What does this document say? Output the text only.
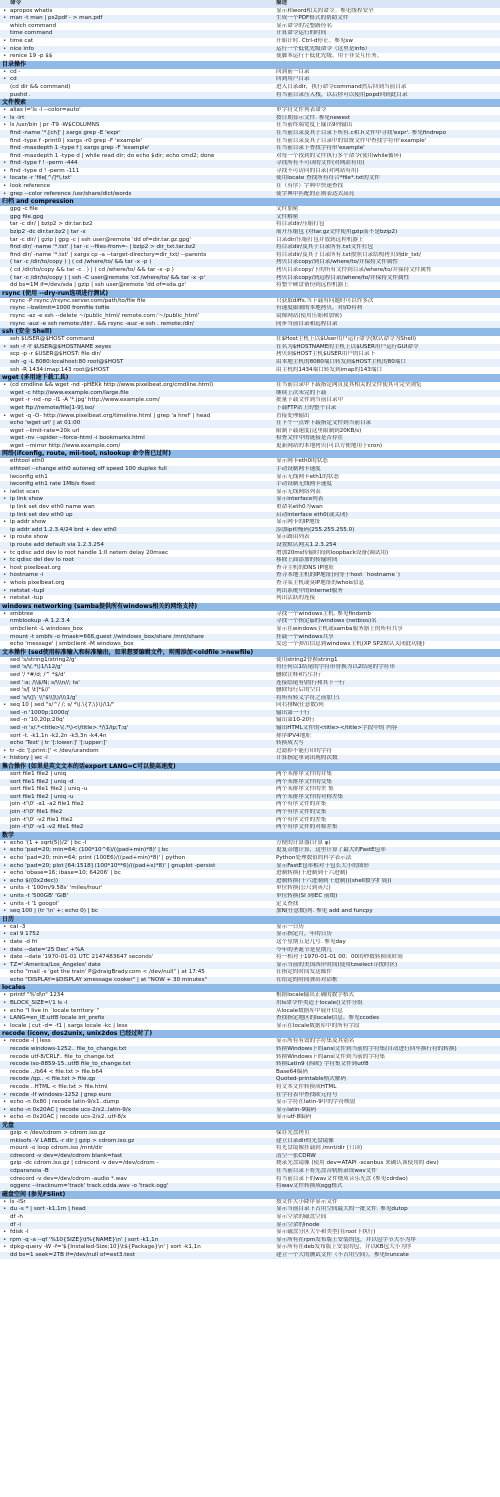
命令	描述
• apropos whatis	显示和word相关的命令。参见线程安全
• man -t man | ps2pdf - > man.pdf	生成一个PDF格式的帮助文件
which command	显示命令的完整路径名
time command	计算命令运行的时间
• time cat	开始计时. Ctrl-d停止。参见sw
• nice info	运行一个低优先级命令（这里是info）
• renice 19 -p $$	使脚本运行于低优先级。用于非交互任务。
目录操作
• cd -	回到前一目录
• cd	回到用户目录
(cd dir && command)	进入目录dir，执行命令command然后回到当前目录
pushd .	将当前目录压入栈，以后你可以使用popd回到此目录
文件搜索
• alias l='ls -l --color=auto'	单字符文件列表命令
• ls -lrt	按日期显示文件. 参见newest
• ls /usr/bin | pr -T9 -W$COLUMNS	在当前终端宽度上输出9列输出
find -name '*.[ch]' | xargs grep -E 'expr'	在当前目录及其子目录下所有.c和.h文件中寻找'expr'. 参见findrepo
find -type f -print0 | xargs -r0 grep -F 'example'	在当前目录及其子目录中的常规文件中查找字符串'example'
find -maxdepth 1 -type f | xargs grep -F 'example'	在当前目录下查找字符串'example'
find -maxdepth 1 -type d | while read dir; do echo $dir; echo cmd2; done	对每一个找到的文件执行多个命令(使用while循环)
• find -type f ! -perm -444	寻找所有不可读的文件(对网站有用)
• find -type d ! -perm -111	寻找不可访问的目录(对网站有用)
• locate -r 'file[^/]*\.txt'	使用locate 查找所有符合*file*.txt的文件
• look reference	在（有序）字典中快速查找
• grep --color reference /usr/share/dict/words	使字典中匹配的正则表达式高亮
归档 and compression
gpg -c file	文件加密
gpg file.gpg	文件解密
tar -c dir/ | bzip2 > dir.tar.bz2	将目录dir/压缩打包
bzip2 -dc dir.tar.bz2 | tar -x	展开压缩包 (对tar.gz文件使用gzip而不是bzip2)
tar -c dir/ | gzip | gpg -c | ssh user@remote 'dd of=dir.tar.gz.gpg'	目录dir/压缩打包并放到远程机器上
find dir/ -name '*.txt' | tar -c --files-from=- | bzip2 > dir_txt.tar.bz2	将目录dir/及其子目录所有.txt文件打包
find dir/ -name '*.txt' | xargs cp -a --target-directory=dir_txt/ --parents	将目录dir/及其子目录所有.txt按照目录结构拷贝到dir_txt/
( tar -c /dir/to/copy ) | ( cd /where/to/ && tar -x -p )	拷贝目录copy/到目录/where/to/并保持文件属性
( cd /dir/to/copy && tar -c . ) | ( cd /where/to/ && tar -x -p )	拷贝目录copy/下的所有文件到目录/where/to/并保持文件属性
( tar -c /dir/to/copy ) | ssh -C user@remote 'cd /where/to/ && tar -x -p'	拷贝目录copy/到远程目录/where/to/并保持文件属性
dd bs=1M if=/dev/sda | gzip | ssh user@remote 'dd of=sda.gz'	将整个硬盘备份到远程机器上
rsync (使用 --dry-run选项进行测试)
rsync -P rsync://rsync.server.com/path/to/file file	只获取diffs.当下载有问题时可以作多次
rsync --bwlimit=1000 fromfile tofile	有速度限制的本地拷贝，对I/O有利
rsync -az -e ssh --delete ~/public_html/ remote.com:'~/public_html'	镜像网站(使用压缩和加密)
rsync -auz -e ssh remote:/dir/ . && rsync -auz -e ssh . remote:/dir/	同步当前目录和远程目录
ssh (安全 Shell)
ssh $USER@$HOST command	在$Host主机上以$User用户运行命令(默认命令为Shell)
• ssh -f -Y $USER@$HOSTNAME xeyes	在名为$HOSTNAME的主机上以$USER用户运行GUI命令
scp -p -r $USER@$HOST: file dir/	拷贝到$HOST主机$USER用户的目录下
ssh -g -L 8080:localhost:80 root@$HOST	由本地主机的8080端口转发到$HOST主机的80端口
ssh -R 1434:imap:143 root@$HOST	由主机的1434端口转发到imap的143端口
wget (多用途下载工具)
• (cd cmdline && wget -nd -pHEKk http://www.pixelbeat.org/cmdline.html)	在当前目录中下载指定网页及其相关的文件使其可完全浏览
wget -c http://www.example.com/large.file	继续上次未完的下载
wget -r -nd -np -l1 -A '*.jpg' http://www.example.com/	批量下载文件到当前目录中
wget ftp://remote/file[1-9].iso/	下载FTP站上的整个目录
• wget -q -O- http://www.pixelbeat.org/timeline.html | grep 'a href' | head	直接处理输出
echo 'wget url' | at 01:00	在下午一点钟下载指定文件到当前目录
wget --limit-rate=20k url	限制下载速度(这里限制到20KB/s)
wget -nv --spider --force-html -i bookmarks.html	检查文件中的链接是否存在
wget --mirror http://www.example.com/	更新网站的本地拷贝(可以方便地用于cron)
网络(ifconfig, route, mii-tool, nslookup 命令皆已过时)
ethtool eth0	显示网卡eth0的状态
ethtool --change eth0 autoneg off speed 100 duplex full	手动设制网卡速度
iwconfig eth1	显示无线网卡eth1的状态
iwconfig eth1 rate 1Mb/s fixed	手动设制无线网卡速度
• iwlist scan	显示无线网络列表
• ip link show	显示interface列表
ip link set dev eth0 name wan	重命名eth0为wan
ip link set dev eth0 up	启动interface eth0(或关闭)
• ip addr show	显示网卡的IP地址
ip addr add 1.2.3.4/24 brd + dev eth0	添加ip和掩码(255.255.255.0)
• ip route show	显示路由列表
ip route add default via 1.2.3.254	设置默认网关1.2.3.254
• tc qdisc add dev lo root handle 1:0 netem delay 20msec	增加20ms传输时间到loopback设备(调试用)
• tc qdisc del dev lo root	移除上面添加的传输时间
• host pixelbeat.org	查寻主机的DNS IP地址
• hostname -i	查寻本地主机的IP地址(同等于host `hostname`)
• whois pixelbeat.org	查寻某主机或莫IP地址的whois信息
• netstat -tupl	列出系统中的internet服务
• netstat -tup	列出活跃的连接
windows networking (samba提供所有windows相关的网络支持)
• smbtree	寻找一个windows主机. 参见findsmb
nmblookup -A 1.2.3.4	寻找一个指定ip的windows (netbios)名
smbclient -L windows_box	显示在windows主机或samba服务器上的所有共享
mount -t smbfs -o fmask=666,guest //windows_box/share /mnt/share	挂载一个windows共享
echo 'message' | smbclient -M windows_box	发送一个弹出信息到windows主机(XP SP2默认关闭此功能)
文本操作 (sed使用标准输入和标准输出，如果想要编辑文件，则需添加<oldfile >newfile)
sed 's/string1/string2/g'	使用string2替换string1
sed 's/\(.*\)1/\12/g'	将任何以1结尾的字符串替换为以2结尾的字符串
sed '/ *#/d; /^ *$/d'	删除注释和空白行
sed ':a; /\\$/N; s/\\\n//; ta'	连接结尾有\的行和其下一行
sed 's/[ \t]*$//'	删除每行后的空白
sed 's/\([\`\\"$\\]\)/\\\1/g'	将所有转义字符之前加上\
• seq 10 | sed "s/^/ /; s/ *\(.\{7,\}\)/\1/"	向右排N(任意数)列
sed -n '1000p;1000q'	输出第一千行
sed -n '10,20p;20q'	输出第10-20行
sed -n 's/.*<title>\(.*\)<\/title>.*/\1/ip;T;q'	输出HTML文件的<title></title>字段中的 内容
sort -t. -k1,1n -k2,2n -k3,3n -k4,4n	排序IPV4地址
echo 'Test' | tr '[:lower:]' '[:upper:]'	转换成大写
• tr -dc '[:print:]' < /dev/urandom	过滤掉不能打印的字符
• history | wc -l	计算指定单词出现的次数
集合操作 (如果是英文文本的话export LANG=C可以提高速度)
sort file1 file2 | uniq	两个未排序文件的并集
sort file1 file2 | uniq -d	两个未排序文件的交集
sort file1 file1 file2 | uniq -u	两个未排序文件的差 集
sort file1 file2 | uniq -u	两个未排序文件的对称差集
join -t'\0' -a1 -a2 file1 file2	两个有序文件的并集
join -t'\0' file1 file2	两个有序文件的交集
join -t'\0' -v2 file1 file2	两个有序文件的差集
join -t'\0' -v1 -v2 file1 file2	两个有序文件的对称差集
数学
• echo '(1 + sqrt(5))/2' | bc -l	方便的计算器(计算 φ)
• echo 'pad=20; min=64; (100*10^6)/((pad+min)*8)' | bc	更复杂地计算，这里计算了最大的FastE包率
• echo 'pad=20; min=64; print (100E6)/((pad+min)*8)' | python	Python处理数值的科学表示法
• echo 'pad=20; plot [64:1518] (100*10**6)/((pad+x)*8)' | gnuplot -persist	显示FastE包率相对于包长大小的图形
• echo 'obase=16; ibase=10; 64206' | bc	进制转换(十进制到十六进制)
• echo $((0x2dec))	进制转换(十六进制到十进制)((shell数学扩展))
• units -t '100m/9.58s' 'miles/hour'	单位转换(公尺到英尺)
• units -t '500GB' 'GiB'	单位转换(SI 到IEC 前缀)
• units -t '1 googol'	定义查找
• seq 100 | (tr '\n' +; echo 0) | bc	加N(任意数)列. 参见 add and funcpy
日历
• cal -3	显示一日历
• cal 9 1752	显示指定月，年的日历
• date -d fri	这个星期五是几号. 参见day
• date --date='25 Dec' +%A	今年的圣诞节是星期几
• date --date '1970-01-01 UTC 2147483647 seconds'	将一相对于1970-01-01 00：00的秒数转换成时间
• TZ=':America/Los_Angeles' date	显示当前的美国西岸时间(使用tzselect寻找时区)
echo "mail -s 'get the train' P@draigBrady.com < /dev/null" | at 17:45	在指定的时间发送邮件
echo "DISPLAY=$DISPLAY xmessage cooker" | at "NOW + 30 minutes"	在给定的时间弹出对话框
locales
• printf "%'d\n" 1234	根据locale输出正确的数字格式
• BLOCK_SIZE=\'1 ls -l	用ls命令作类适于locale()文件分组
• echo "I live in `locale territory`"	从locale数据库中展开信息
• LANG=en_IE.utf8 locale int_prefix	查找指定地区的locale信息。参见ccodes
• locale | cut -d= -f1 | xargs locale -kc | less	显示在locale数据库中的所有字段
recode (iconv, dos2unix, unix2dos 已经过时了)
• recode -l | less	显示所有有效的字符集及其别名
recode windows-1252.. file_to_change.txt	转换Windows下的ansi文件到当前的字符集(自动进行回车换行符的转换)
recode utf-8/CRLF.. file_to_change.txt	转换Windows下的ansi文件到当前的字符集
recode iso-8859-15..utf8 file_to_change.txt	转换Latin9 (西欧) 字符集文件到utf8
recode ../b64 < file.txt > file.b64	Base64编码
recode /qp.. < file.txt > file.qp	Quoted-printable格式解码
recode ..HTML < file.txt > file.html	将文本文件转换成HTML
• recode -lf windows-1252 | grep euro	在字符表中查找欧元符号
• echo -n 0x80 | recode latin-9/x1..dump	显示字符在latin-9中的字符映射
• echo -n 0x20AC | recode ucs-2/x2..latin-9/x	显示latin-9编码
• echo -n 0x20AC | recode ucs-2/x2..utf-8/x	显示utf-8编码
光盘
gzip < /dev/cdrom > cdrom.iso.gz	保存光盘拷贝
mkisofs -V LABEL -r dir | gzip > cdrom.iso.gz	建立目录dir的光盘镜像
mount -o loop cdrom.iso /mnt/dir	将光盘镜像挂载到 /mnt/dir (只读)
cdrecord -v dev=/dev/cdrom blank=fast	清空一张CDRW
gzip -dc cdrom.iso.gz | cdrecord -v dev=/dev/cdrom -	烧录光盘镜像 (使用 dev=ATAPI -scanbus 来确认该使用的 dev)
cdparanoia -B	在当前目录下将光盘音轨转录成wav文件
cdrecord -v dev=/dev/cdrom -audio *.wav	将当前目录下的wav文件烧成音乐光盘 (参见cdrdao)
oggenc --tracknum='track' track.cdda.wav -o 'track.ogg'	将wav文件转换成ogg格式
磁盘空间 (参见FSlint)
• ls -lSr	按文件大小降序显示文件
• du -s * | sort -k1,1rn | head	显示当前目录下占用空间最大的一批文件. 参见dutop
df -h	显示空余的磁盘空间
df -i	显示空余的inode
• fdisk -l	显示磁盘分区大小和类型(在root下执行)
• rpm -q -a --qf '%10{SIZE}\t%{NAME}\n' | sort -k1,1n	显示所有在rpm发布版上安装的包，并以包字节大小为序
• dpkg-query -W -f='${Installed-Size;10}\t${Package}\n' | sort -k1,1n	显示所有在deb发布版上安装的包，并以KB包大小为序
dd bs=1 seek=2TB if=/dev/null of=ext3.test	建立一个大的测试文件（不占用空间）。参见truncate
